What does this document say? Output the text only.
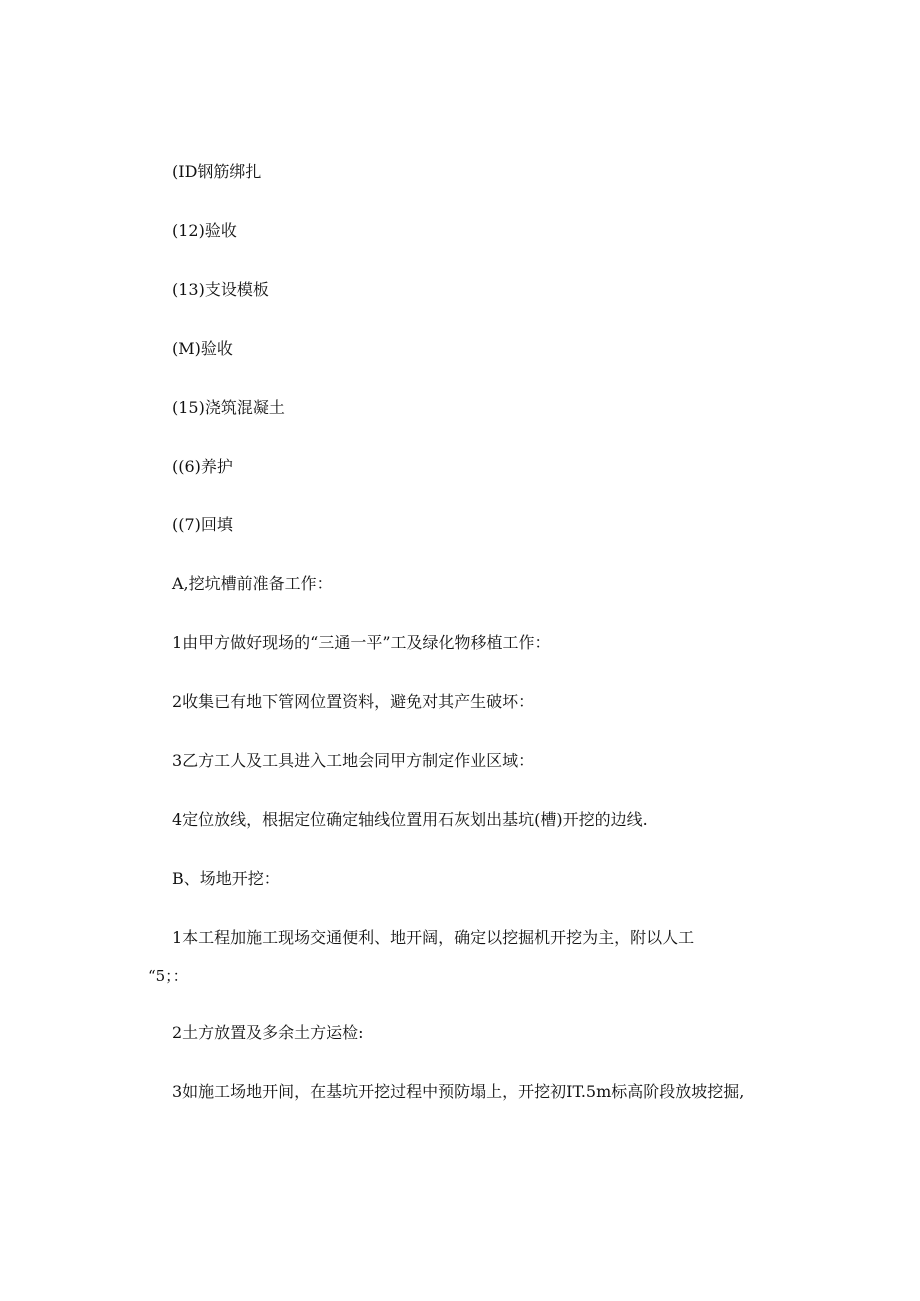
(ID钢筋绑扎

(12)验收

(13)支设模板

(M)验收

(15)浇筑混凝土

((6)养护

((7)回填

A,挖坑槽前准备工作：

1由甲方做好现场的“三通一平”工及绿化物移植工作：

2收集已有地下管网位置资料，避免对其产生破坏：

3乙方工人及工具进入工地会同甲方制定作业区域：

4定位放线，根据定位确定轴线位置用石灰划出基坑(槽)开挖的边线.

B、场地开挖：

1本工程加施工现场交通便利、地开阔，确定以挖掘机开挖为主，附以人工

“5；：

2土方放置及多余土方运检:

3如施工场地开间，在基坑开挖过程中预防塌上，开挖初IT.5m标高阶段放坡挖掘,
